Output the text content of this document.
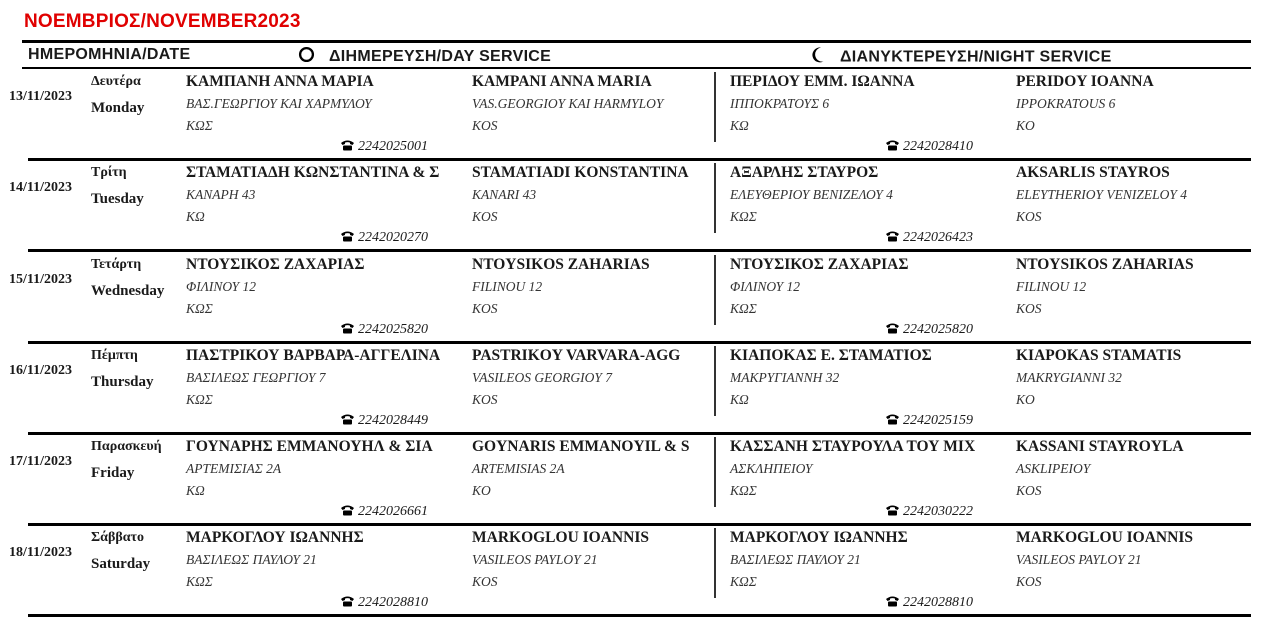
ΝΟΕΜΒΡΙΟΣ/NOVEMBER2023
ΗΜΕΡΟΜΗΝΙΑ/DATE	ΔΙΗΜΕΡΕΥΣΗ/DAY SERVICE	ΔΙΑΝΥΚΤΕΡΕΥΣΗ/NIGHT SERVICE
13/11/2023
Δευτέρα
Monday
ΚΑΜΠΑΝΗ ΑΝΝΑ ΜΑΡΙΑ
ΒΑΣ.ΓΕΩΡΓΙΟΥ ΚΑΙ ΧΑΡΜΥΛΟΥ
ΚΩΣ
2242025001
KAMPANI ANNA MARIA
VAS.GEORGIOY KAI HARMYLOY
KOS
ΠΕΡΙΔΟΥ ΕΜΜ. ΙΩΑΝΝΑ
ΙΠΠΟΚΡΑΤΟΥΣ 6
ΚΩ
2242028410
PERIDOY IOANNA
IPPOKRATOUS 6
KO
14/11/2023
Τρίτη
Tuesday
ΣΤΑΜΑΤΙΑΔΗ ΚΩΝΣΤΑΝΤΙΝΑ & Σ
ΚΑΝΑΡΗ 43
ΚΩ
2242020270
STAMATIADI KONSTANTINA
KANARI 43
KOS
ΑΞΑΡΛΗΣ ΣΤΑΥΡΟΣ
ΕΛΕΥΘΕΡΙΟΥ ΒΕΝΙΖΕΛΟΥ 4
ΚΩΣ
2242026423
AKSARLIS STAYROS
ELEYTHERIOY VENIZELOY 4
KOS
15/11/2023
Τετάρτη
Wednesday
ΝΤΟΥΣΙΚΟΣ ΖΑΧΑΡΙΑΣ
ΦΙΛΙΝΟΥ 12
ΚΩΣ
2242025820
NTOYSIKOS ZAHARIAS
FILINOU 12
KOS
ΝΤΟΥΣΙΚΟΣ ΖΑΧΑΡΙΑΣ
ΦΙΛΙΝΟΥ 12
ΚΩΣ
2242025820
NTOYSIKOS ZAHARIAS
FILINOU 12
KOS
16/11/2023
Πέμπτη
Thursday
ΠΑΣΤΡΙΚΟΥ ΒΑΡΒΑΡΑ-ΑΓΓΕΛΙΝΑ
ΒΑΣΙΛΕΩΣ ΓΕΩΡΓΙΟΥ 7
ΚΩΣ
2242028449
PASTRIKOY VARVARA-AGG
VASILEOS GEORGIOY 7
KOS
ΚΙΑΠΟΚΑΣ Ε. ΣΤΑΜΑΤΙΟΣ
ΜΑΚΡΥΓΙΑΝΝΗ 32
ΚΩ
2242025159
KIAPOKAS STAMATIS
MAKRYGIANNI 32
KO
17/11/2023
Παρασκευή
Friday
ΓΟΥΝΑΡΗΣ ΕΜΜΑΝΟΥΗΛ & ΣΙΑ
ΑΡΤΕΜΙΣΙΑΣ 2Α
ΚΩ
2242026661
GOYNARIS EMMANOYIL & S
ARTEMISIAS 2A
KO
ΚΑΣΣΑΝΗ ΣΤΑΥΡΟΥΛΑ ΤΟΥ ΜΙΧ
ΑΣΚΛΗΠΕΙΟΥ
ΚΩΣ
2242030222
KASSANI STAYROYLA
ASKLIPEIOY
KOS
18/11/2023
Σάββατο
Saturday
ΜΑΡΚΟΓΛΟΥ ΙΩΑΝΝΗΣ
ΒΑΣΙΛΕΩΣ ΠΑΥΛΟΥ 21
ΚΩΣ
2242028810
MARKOGLOU IOANNIS
VASILEOS PAYLOY 21
KOS
ΜΑΡΚΟΓΛΟΥ ΙΩΑΝΝΗΣ
ΒΑΣΙΛΕΩΣ ΠΑΥΛΟΥ 21
ΚΩΣ
2242028810
MARKOGLOU IOANNIS
VASILEOS PAYLOY 21
KOS
